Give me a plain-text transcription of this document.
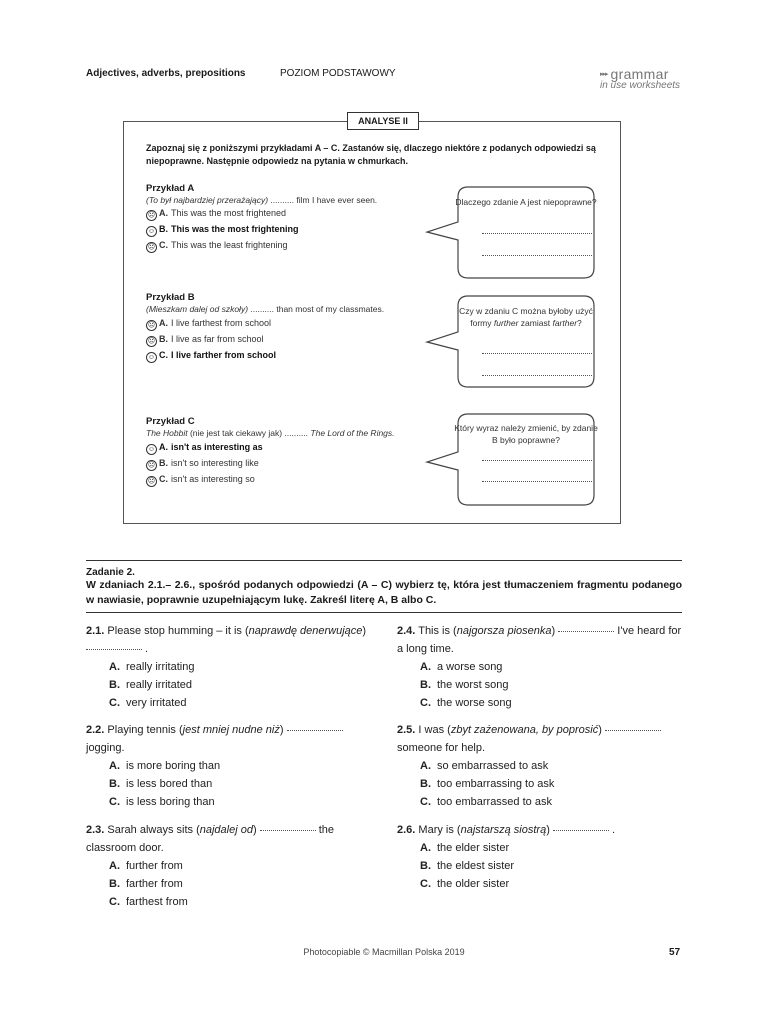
Adjectives, adverbs, prepositions	POZIOM PODSTAWOWY	▸▸▸ grammar
in use worksheets
ANALYSE II
Zapoznaj się z poniższymi przykładami A – C. Zastanów się, dlaczego niektóre z podanych odpowiedzi są niepoprawne. Następnie odpowiedz na pytania w chmurkach.
Przykład A
(To był najbardziej przerażający) .......... film I have ever seen.
☹ A. This was the most frightened
☺ B. This was the most frightening
☹ C. This was the least frightening
Przykład B
(Mieszkam dalej od szkoły) .......... than most of my classmates.
☹ A. I live farthest from school
☹ B. I live as far from school
☺ C. I live farther from school
Przykład C
The Hobbit (nie jest tak ciekawy jak) .......... The Lord of the Rings.
☺ A. isn't as interesting as
☹ B. isn't so interesting like
☹ C. isn't as interesting so
Dlaczego zdanie A jest niepoprawne?
Czy w zdaniu C można byłoby użyć formy further zamiast farther?
Który wyraz należy zmienić, by zdanie B było poprawne?
Zadanie 2.
W zdaniach 2.1.– 2.6., spośród podanych odpowiedzi (A – C) wybierz tę, która jest tłumaczeniem fragmentu podanego w nawiasie, poprawnie uzupełniającym lukę. Zakreśl literę A, B albo C.
2.1. Please stop humming – it is (naprawdę denerwujące)  .
A. really irritating
B. really irritated
C. very irritated
2.2. Playing tennis (jest mniej nudne niż)  jogging.
A. is more boring than
B. is less bored than
C. is less boring than
2.3. Sarah always sits (najdalej od)	the classroom door.
A. further from
B. farther from
C. farthest from
2.4. This is (najgorsza piosenka)	I've heard for a long time.
A. a worse song
B. the worst song
C. the worse song
2.5. I was (zbyt zażenowana, by poprosić)  someone for help.
A. so embarrassed to ask
B. too embarrassing to ask
C. too embarrassed to ask
2.6. Mary is (najstarszą siostrą)	.
A. the elder sister
B. the eldest sister
C. the older sister
Photocopiable © Macmillan Polska 2019	57
